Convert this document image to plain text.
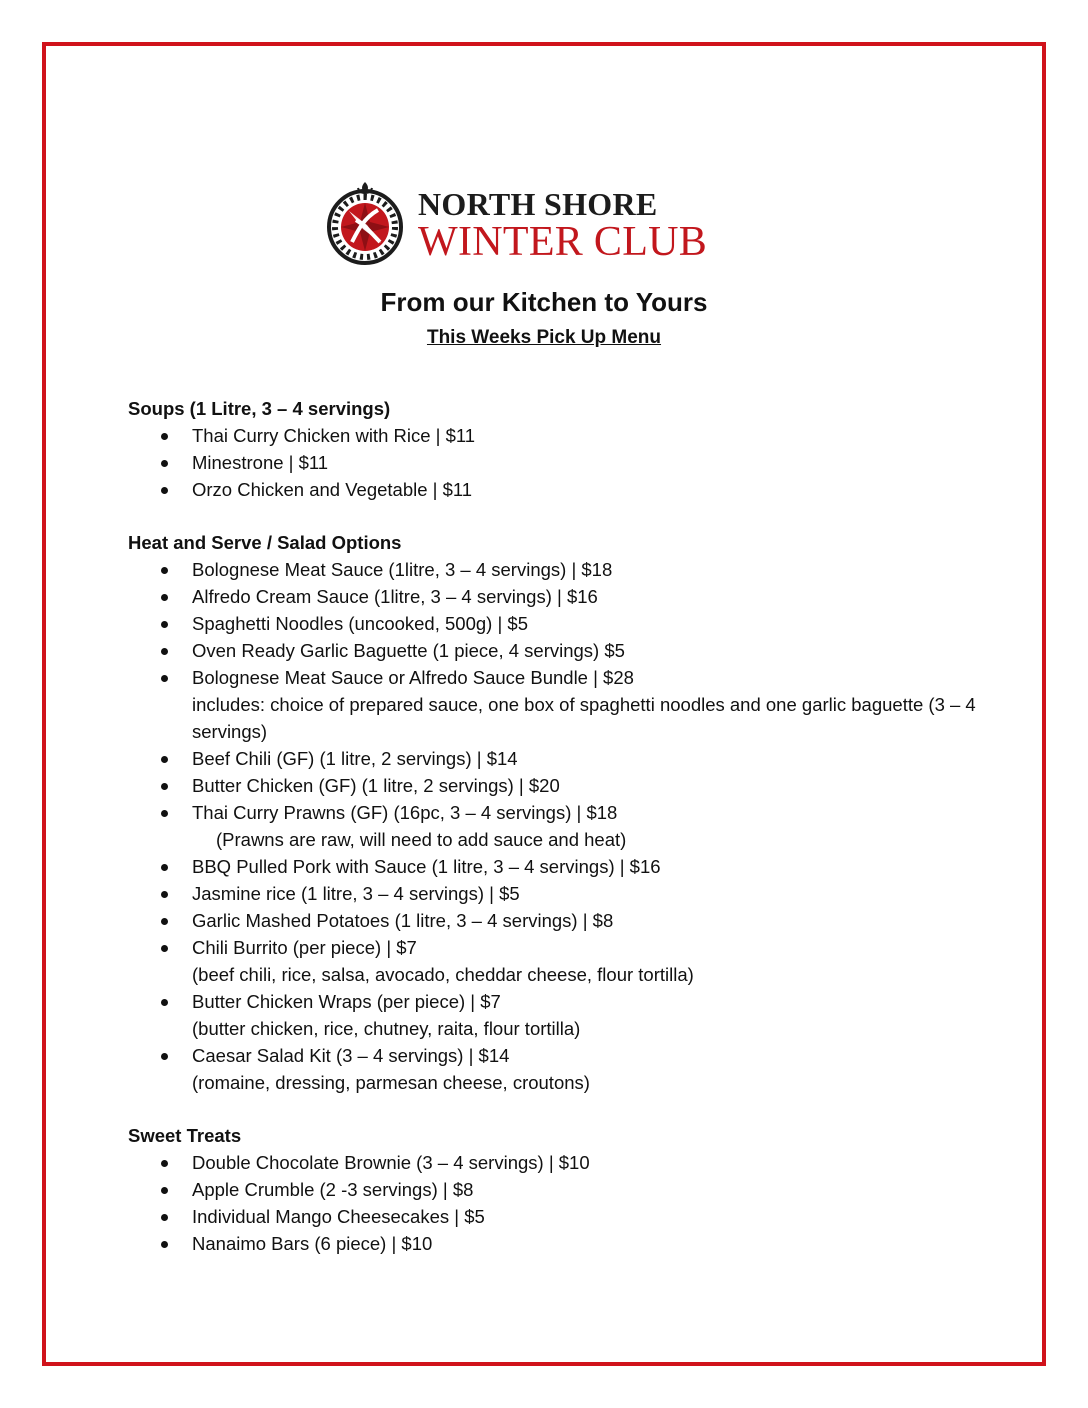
NORTH SHORE
WINTER CLUB
From our Kitchen to Yours
This Weeks Pick Up Menu
Soups (1 Litre, 3 – 4 servings)
Thai Curry Chicken with Rice | $11
Minestrone | $11
Orzo Chicken and Vegetable | $11
Heat and Serve / Salad Options
Bolognese Meat Sauce (1litre, 3 – 4 servings) | $18
Alfredo Cream Sauce (1litre, 3 – 4 servings) | $16
Spaghetti Noodles (uncooked, 500g) | $5
Oven Ready Garlic Baguette (1 piece, 4 servings) $5
Bolognese Meat Sauce or Alfredo Sauce Bundle | $28
includes: choice of prepared sauce, one box of spaghetti noodles and one garlic baguette (3 – 4 servings)
Beef Chili (GF) (1 litre, 2 servings) | $14
Butter Chicken (GF) (1 litre, 2 servings) | $20
Thai Curry Prawns (GF) (16pc, 3 – 4 servings) | $18
(Prawns are raw, will need to add sauce and heat)
BBQ Pulled Pork with Sauce (1 litre, 3 – 4 servings) | $16
Jasmine rice (1 litre, 3 – 4 servings) | $5
Garlic Mashed Potatoes (1 litre, 3 – 4 servings) | $8
Chili Burrito (per piece) | $7
(beef chili, rice, salsa, avocado, cheddar cheese, flour tortilla)
Butter Chicken Wraps (per piece) | $7
(butter chicken, rice, chutney, raita, flour tortilla)
Caesar Salad Kit (3 – 4 servings) | $14
(romaine, dressing, parmesan cheese, croutons)
Sweet Treats
Double Chocolate Brownie (3 – 4 servings) | $10
Apple Crumble (2 -3 servings) | $8
Individual Mango Cheesecakes | $5
Nanaimo Bars (6 piece) | $10
